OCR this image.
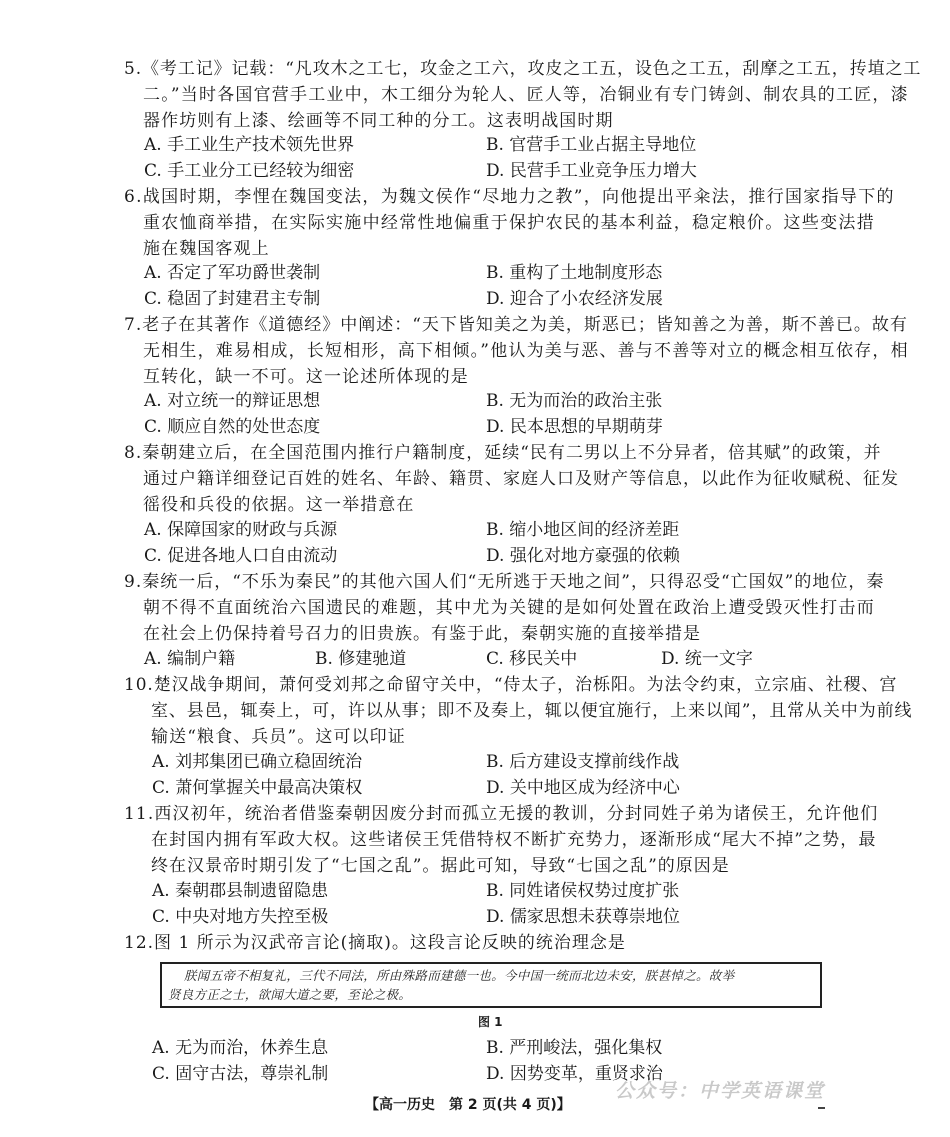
5.《考工记》记载：“凡攻木之工七，攻金之工六，攻皮之工五，设色之工五，刮摩之工五，抟埴之工
二。”当时各国官营手工业中，木工细分为轮人、匠人等，冶铜业有专门铸剑、制农具的工匠，漆
器作坊则有上漆、绘画等不同工种的分工。这表明战国时期
A. 手工业生产技术领先世界	B. 官营手工业占据主导地位
C. 手工业分工已经较为细密	D. 民营手工业竞争压力增大
6.战国时期，李悝在魏国变法，为魏文侯作“尽地力之教”，向他提出平籴法，推行国家指导下的
重农恤商举措，在实际实施中经常性地偏重于保护农民的基本利益，稳定粮价。这些变法措
施在魏国客观上
A. 否定了军功爵世袭制	B. 重构了土地制度形态
C. 稳固了封建君主专制	D. 迎合了小农经济发展
7.老子在其著作《道德经》中阐述：“天下皆知美之为美，斯恶已；皆知善之为善，斯不善已。故有
无相生，难易相成，长短相形，高下相倾。”他认为美与恶、善与不善等对立的概念相互依存，相
互转化，缺一不可。这一论述所体现的是
A. 对立统一的辩证思想	B. 无为而治的政治主张
C. 顺应自然的处世态度	D. 民本思想的早期萌芽
8.秦朝建立后，在全国范围内推行户籍制度，延续“民有二男以上不分异者，倍其赋”的政策，并
通过户籍详细登记百姓的姓名、年龄、籍贯、家庭人口及财产等信息，以此作为征收赋税、征发
徭役和兵役的依据。这一举措意在
A. 保障国家的财政与兵源	B. 缩小地区间的经济差距
C. 促进各地人口自由流动	D. 强化对地方豪强的依赖
9.秦统一后，“不乐为秦民”的其他六国人们“无所逃于天地之间”，只得忍受“亡国奴”的地位，秦
朝不得不直面统治六国遗民的难题，其中尤为关键的是如何处置在政治上遭受毁灭性打击而
在社会上仍保持着号召力的旧贵族。有鉴于此，秦朝实施的直接举措是
A. 编制户籍	B. 修建驰道	C. 移民关中	D. 统一文字
10.楚汉战争期间，萧何受刘邦之命留守关中，“侍太子，治栎阳。为法令约束，立宗庙、社稷、宫
室、县邑，辄奏上，可，许以从事；即不及奏上，辄以便宜施行，上来以闻”，且常从关中为前线
输送“粮食、兵员”。这可以印证
A. 刘邦集团已确立稳固统治	B. 后方建设支撑前线作战
C. 萧何掌握关中最高决策权	D. 关中地区成为经济中心
11.西汉初年，统治者借鉴秦朝因废分封而孤立无援的教训，分封同姓子弟为诸侯王，允许他们
在封国内拥有军政大权。这些诸侯王凭借特权不断扩充势力，逐渐形成“尾大不掉”之势，最
终在汉景帝时期引发了“七国之乱”。据此可知，导致“七国之乱”的原因是
A. 秦朝郡县制遗留隐患	B. 同姓诸侯权势过度扩张
C. 中央对地方失控至极	D. 儒家思想未获尊崇地位
12.图 1 所示为汉武帝言论(摘取)。这段言论反映的统治理念是
朕闻五帝不相复礼，三代不同法，所由殊路而建德一也。今中国一统而北边未安，朕甚悼之。故举
贤良方正之士，欲闻大道之要，至论之极。
图 1
A. 无为而治，休养生息	B. 严刑峻法，强化集权
C. 固守古法，尊崇礼制	D. 因势变革，重贤求治
公众号：中学英语课堂
【高一历史　第 2 页(共 4 页)】
